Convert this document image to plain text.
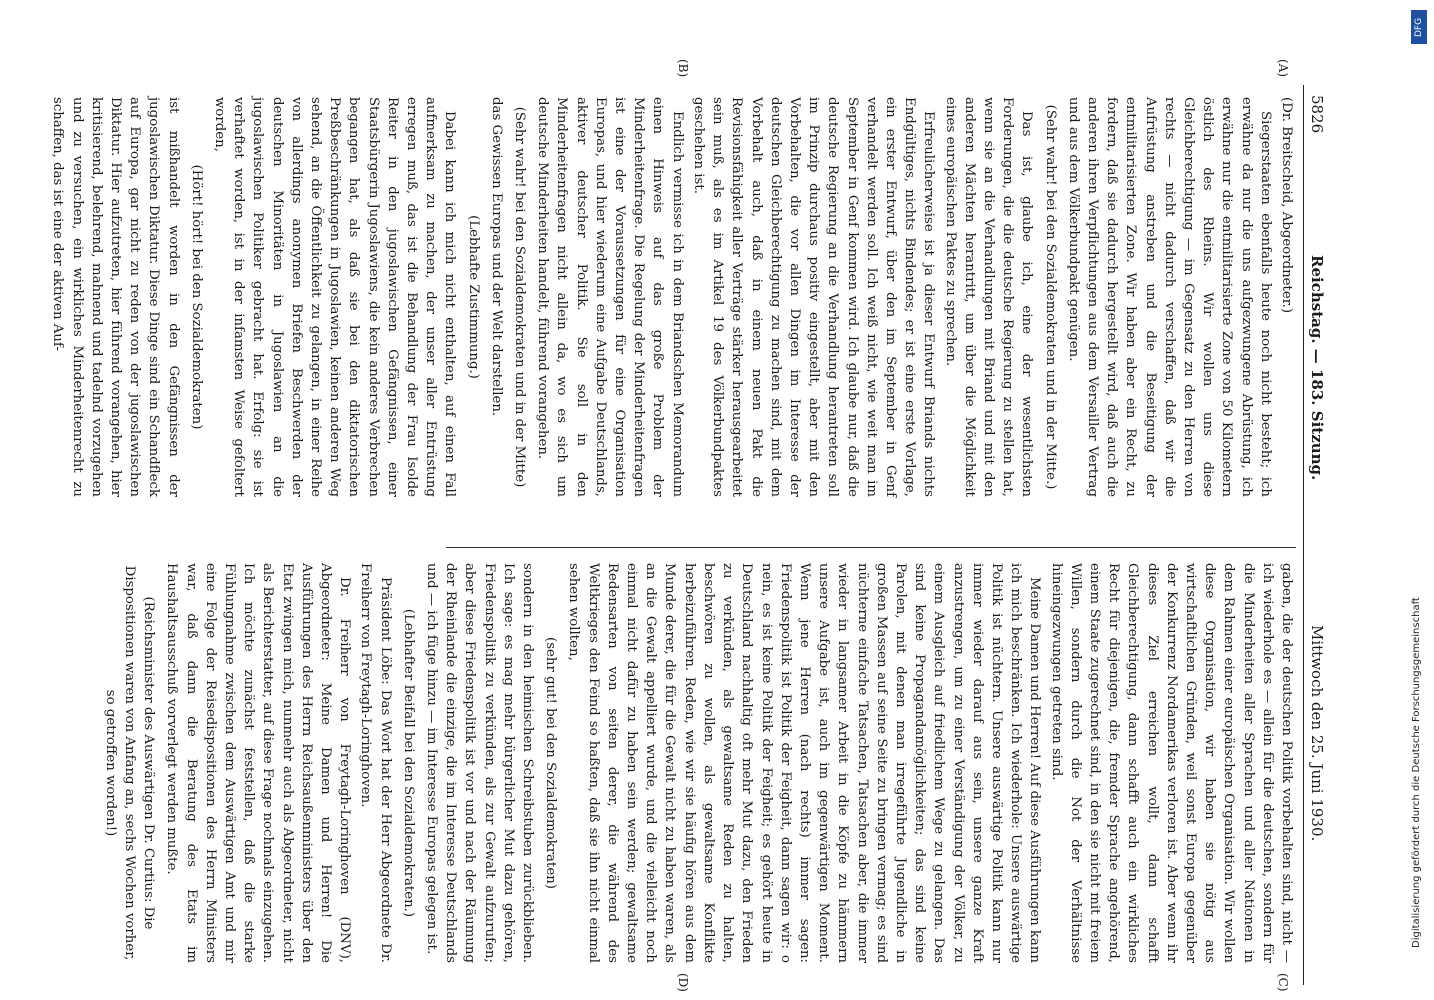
5826
Reichstag. — 183. Sitzung.
Mittwoch den 25. Juni 1930.
(A)
(B)
(C)
(D)

(Dr. Breitscheid, Abgeordneter.)

Siegerstaaten ebenfalls heute noch nicht besteht; ich erwähne da nur die uns aufgezwungene Abrüstung, ich erwähne nur die entmilitarisierte Zone von 50 Kilometern östlich des Rheins. Wir wollen uns diese Gleichberechtigung — im Gegensatz zu den Herren von rechts — nicht dadurch verschaffen, daß wir die Aufrüstung anstreben und die Beseitigung der entmilitarisierten Zone. Wir haben aber ein Recht, zu fordern, daß sie dadurch hergestellt wird, daß auch die anderen ihren Verpflichtungen aus dem Versailler Vertrag und aus dem Völkerbundpakt genügen.

(Sehr wahr! bei den Sozialdemokraten und in der Mitte.)

Das ist, glaube ich, eine der wesentlichsten Forderungen, die die deutsche Regierung zu stellen hat, wenn sie an die Verhandlungen mit Briand und mit den anderen Mächten herantritt, um über die Möglichkeit eines europäischen Paktes zu sprechen.

Erfreulicherweise ist ja dieser Entwurf Briands nichts Endgültiges, nichts Bindendes; er ist eine erste Vorlage, ein erster Entwurf, über den im September in Genf verhandelt werden soll. Ich weiß nicht, wie weit man im September in Genf kommen wird. Ich glaube nur, daß die deutsche Regierung an die Verhandlung herantreten soll im Prinzip durchaus positiv eingestellt, aber mit den Vorbehalten, die vor allen Dingen im Interesse der deutschen Gleichberechtigung zu machen sind, mit dem Vorbehalt auch, daß in einem neuen Pakt die Revisionsfähigkeit aller Verträge stärker herausgearbeitet sein muß, als es im Artikel 19 des Völkerbundpaktes geschehen ist.

Endlich vermisse ich in dem Briandschen Memorandum einen Hinweis auf das große Problem der Minderheitenfrage. Die Regelung der Minderheitenfragen ist eine der Voraussetzungen für eine Organisation Europas, und hier wiederum eine Aufgabe Deutschlands, aktiver deutscher Politik. Sie soll in den Minderheitenfragen nicht allein da, wo es sich um deutsche Minderheiten handelt, führend vorangehen.

(Sehr wahr! bei den Sozialdemokraten und in der Mitte)

das Gewissen Europas und der Welt darstellen.

(Lebhafte Zustimmung.)

Dabei kann ich mich nicht enthalten, auf einen Fall aufmerksam zu machen, der unser aller Entrüstung erregen muß, das ist die Behandlung der Frau Isolde Reiter in den jugoslawischen Gefängnissen, einer Staatsbürgerin Jugoslawiens, die kein anderes Verbrechen begangen hat, als daß sie bei den diktatorischen Preßbeschränkungen in Jugoslawien, keinen anderen Weg sehend, an die Öffentlichkeit zu gelangen, in einer Reihe von allerdings anonymen Briefen Beschwerden der deutschen Minoritäten in Jugoslawien an die jugoslawischen Politiker gebracht hat. Erfolg: sie ist verhaftet worden, ist in der infamsten Weise gefoltert worden,

(Hört! hört! bei den Sozialdemokraten)

ist mißhandelt worden in den Gefängnissen der jugoslawischen Diktatur. Diese Dinge sind ein Schandfleck auf Europa, gar nicht zu reden von der jugoslawischen Diktatur. Hier aufzutreten, hier führend vorangehen, hier kritisierend, belehrend, mahnend und tadelnd vorzugehen und zu versuchen, ein wirkliches Minderheitenrecht zu schaffen, das ist eine der aktiven Auf-

gaben, die der deutschen Politik vorbehalten sind, nicht — ich wiederhole es — allein für die deutschen, sondern für die Minderheiten aller Sprachen und aller Nationen in dem Rahmen einer europäischen Organisation. Wir wollen diese Organisation, wir haben sie nötig aus wirtschaftlichen Gründen, weil sonst Europa gegenüber der Konkurrenz Nordamerikas verloren ist. Aber wenn ihr dieses Ziel erreichen wollt, dann schafft Gleichberechtigung, dann schafft auch ein wirkliches Recht für diejenigen, die, fremder Sprache angehörend, einem Staate zugerechnet sind, in den sie nicht mit freiem Willen, sondern durch die Not der Verhältnisse hineingezwungen getreten sind.

Meine Damen und Herren! Auf diese Ausführungen kann ich mich beschränken. Ich wiederhole: Unsere auswärtige Politik ist nüchtern. Unsere auswärtige Politik kann nur immer wieder darauf aus sein, unsere ganze Kraft anzustrengen, um zu einer Verständigung der Völker, zu einem Ausgleich auf friedlichem Wege zu gelangen. Das sind keine Propagandamöglichkeiten; das sind keine Parolen, mit denen man irregeführte Jugendliche in großen Massen auf seine Seite zu bringen vermag; es sind nüchterne einfache Tatsachen, Tatsachen aber, die immer wieder in langsamer Arbeit in die Köpfe zu hämmern unsere Aufgabe ist, auch im gegenwärtigen Moment. Wenn jene Herren (nach rechts) immer sagen: Friedenspolitik ist Politik der Feigheit, dann sagen wir: o nein, es ist keine Politik der Feigheit; es gehört heute in Deutschland nachhaltig oft mehr Mut dazu, den Frieden zu verkünden, als gewaltsame Reden zu halten, beschwören zu wollen, als gewaltsame Konflikte herbeizuführen. Reden, wie wir sie häufig hören aus dem Munde derer, die für die Gewalt nicht zu haben waren, als an die Gewalt appelliert wurde, und die vielleicht noch einmal nicht dafür zu haben sein werden; gewaltsame Redensarten von seiten derer, die während des Weltkrieges den Feind so haßten, daß sie ihn nicht einmal sehen wollten,

(sehr gut! bei den Sozialdemokraten)

sondern in den heimischen Schreibstuben zurückblieben. Ich sage: es mag mehr bürgerlicher Mut dazu gehören, Friedenspolitik zu verkünden, als zur Gewalt aufzurufen; aber diese Friedenspolitik ist vor und nach der Räumung der Rheinlande die einzige, die im Interesse Deutschlands und — ich füge hinzu — im Interesse Europas gelegen ist.

(Lebhafter Beifall bei den Sozialdemokraten.)

Präsident Löbe: Das Wort hat der Herr Abgeordnete Dr. Freiherr von Freytagh-Loringhoven.

Dr. Freiherr von Freytagh-Loringhoven (DNV), Abgeordneter: Meine Damen und Herren! Die Ausführungen des Herrn Reichsaußenministers über den Etat zwingen mich, nunmehr auch als Abgeordneter, nicht als Berichterstatter, auf diese Frage nochmals einzugehen. Ich möchte zunächst feststellen, daß die starke Fühlungnahme zwischen dem Auswärtigen Amt und mir eine Folge der Reisedispositionen des Herrn Ministers war, daß dann die Beratung des Etats im Haushaltsausschuß vorverlegt werden mußte.

(Reichsminister des Auswärtigen Dr. Curtius: Die Dispositionen waren von Anfang an, sechs Wochen vorher, so getroffen worden!)

DFG
Digitalisierung gefördert durch die Deutsche Forschungsgemeinschaft
